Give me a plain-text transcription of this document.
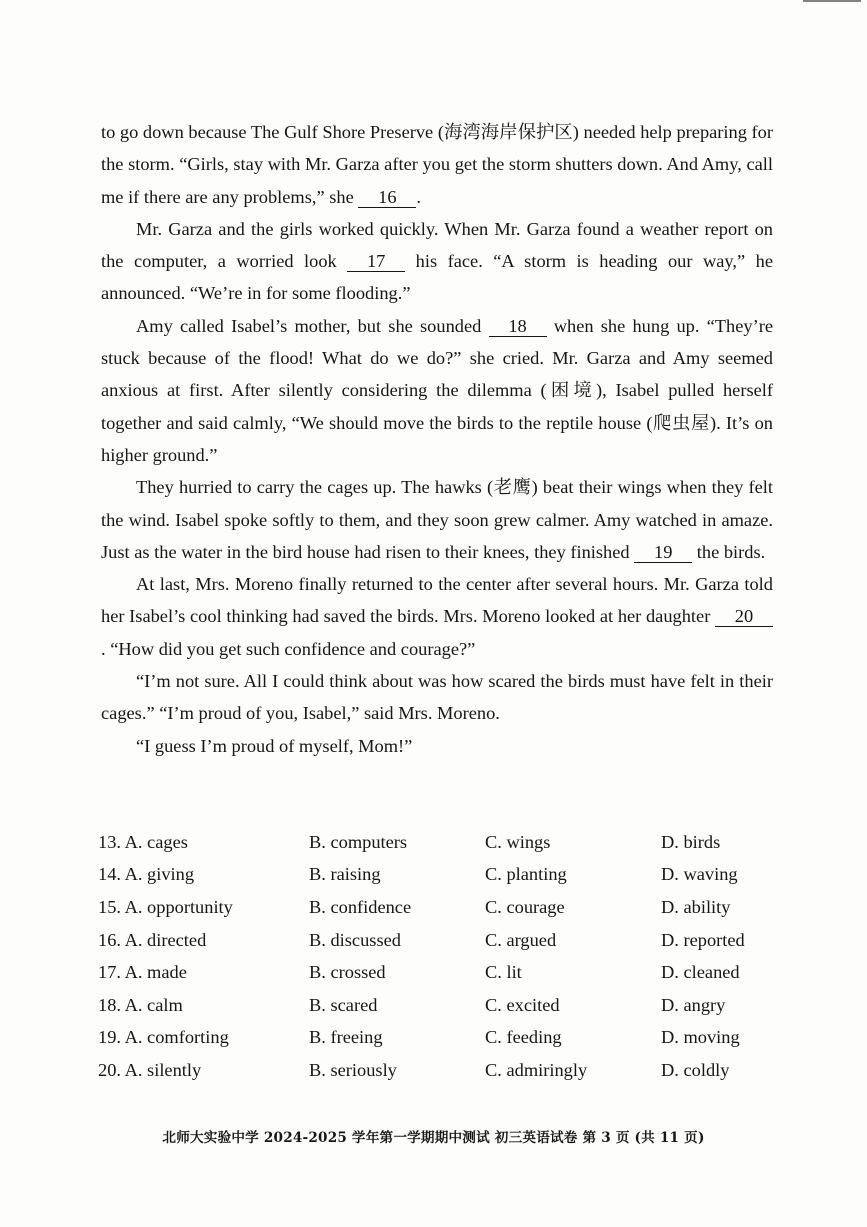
to go down because The Gulf Shore Preserve (海湾海岸保护区) needed help preparing for the storm. “Girls, stay with Mr. Garza after you get the storm shutters down. And Amy, call me if there are any problems,” she 16 .

Mr. Garza and the girls worked quickly. When Mr. Garza found a weather report on the computer, a worried look 17 his face. “A storm is heading our way,” he announced. “We’re in for some flooding.”

Amy called Isabel’s mother, but she sounded 18 when she hung up. “They’re stuck because of the flood! What do we do?” she cried. Mr. Garza and Amy seemed anxious at first. After silently considering the dilemma (困境), Isabel pulled herself together and said calmly, “We should move the birds to the reptile house (爬虫屋). It’s on higher ground.”

They hurried to carry the cages up. The hawks (老鹰) beat their wings when they felt the wind. Isabel spoke softly to them, and they soon grew calmer. Amy watched in amaze. Just as the water in the bird house had risen to their knees, they finished 19 the birds.

At last, Mrs. Moreno finally returned to the center after several hours. Mr. Garza told her Isabel’s cool thinking had saved the birds. Mrs. Moreno looked at her daughter 20. “How did you get such confidence and courage?”

“I’m not sure. All I could think about was how scared the birds must have felt in their cages.” “I’m proud of you, Isabel,” said Mrs. Moreno.

“I guess I’m proud of myself, Mom!”

13. A. cages	B. computers	C. wings	D. birds
14. A. giving	B. raising	C. planting	D. waving
15. A. opportunity	B. confidence	C. courage	D. ability
16. A. directed	B. discussed	C. argued	D. reported
17. A. made	B. crossed	C. lit	D. cleaned
18. A. calm	B. scared	C. excited	D. angry
19. A. comforting	B. freeing	C. feeding	D. moving
20. A. silently	B. seriously	C. admiringly	D. coldly
北师大实验中学 2024-2025 学年第一学期期中测试 初三英语试卷 第 3 页 (共 11 页)
